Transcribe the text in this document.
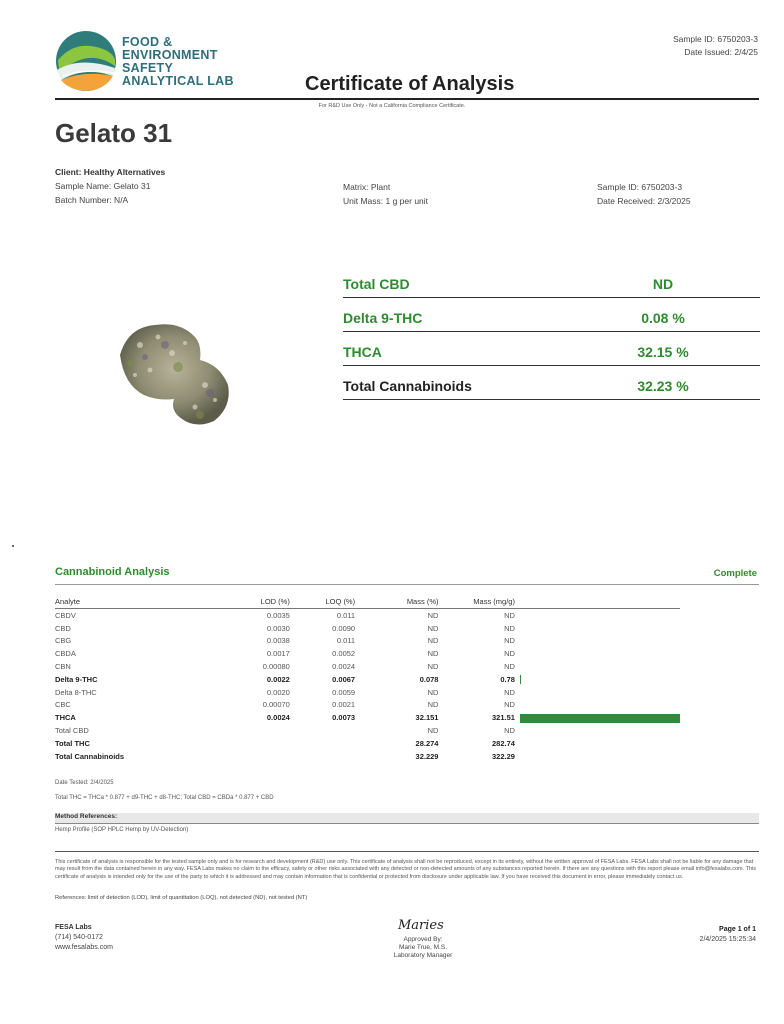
FOOD &
ENVIRONMENT
SAFETY
ANALYTICAL LAB
Sample ID: 6750203-3
Date Issued: 2/4/25
Certificate of Analysis
For R&D Use Only - Not a California Compliance Certificate.
Gelato 31
Client: Healthy Alternatives
Sample Name: Gelato 31
Batch Number: N/A
Matrix: Plant
Unit Mass: 1 g per unit
Sample ID: 6750203-3
Date Received: 2/3/2025
Total CBD	ND
Delta 9-THC	0.08 %
THCA	32.15 %
Total Cannabinoids	32.23 %
Cannabinoid Analysis	Complete
Analyte	LOD (%)	LOQ (%)	Mass (%)	Mass (mg/g)	
CBDV	0.0035	0.011	ND	ND	
CBD	0.0030	0.0090	ND	ND	
CBG	0.0038	0.011	ND	ND	
CBDA	0.0017	0.0052	ND	ND	
CBN	0.00080	0.0024	ND	ND	
Delta 9-THC	0.0022	0.0067	0.078	0.78	
Delta 8-THC	0.0020	0.0059	ND	ND	
CBC	0.00070	0.0021	ND	ND	
THCA	0.0024	0.0073	32.151	321.51	
Total CBD			ND	ND	
Total THC			28.274	282.74	
Total Cannabinoids			32.229	322.29	
Date Tested: 2/4/2025
Total THC = THCa * 0.877 + d9-THC + d8-THC; Total CBD = CBDa * 0.877 + CBD
Method References:
Hemp Profile (SOP HPLC Hemp by UV-Detection)
This certificate of analysis is responsible for the tested sample only and is for research and development (R&D) use only. This certificate of analysis shall not be reproduced, except in its entirety, without the written approval of FESA Labs. FESA Labs shall not be liable for any damage that may result from the data contained herein in any way. FESA Labs makes no claim to the efficacy, safety or other risks associated with any detected or non-detected amounts of any substances reported herein. If there are any questions with this report please email info@fesalabs.com. This certificate of analysis is intended only for the use of the party to which it is addressed and may contain information that is confidential or protected from disclosure under applicable law. If you have received this document in error, please immediately contact us.
References: limit of detection (LOD), limit of quantitation (LOQ), not detected (ND), not tested (NT)
FESA Labs
(714) 540-0172
www.fesalabs.com
Maries
Approved By:
Marie True, M.S.
Laboratory Manager
Page 1 of 1
2/4/2025 15:25:34
